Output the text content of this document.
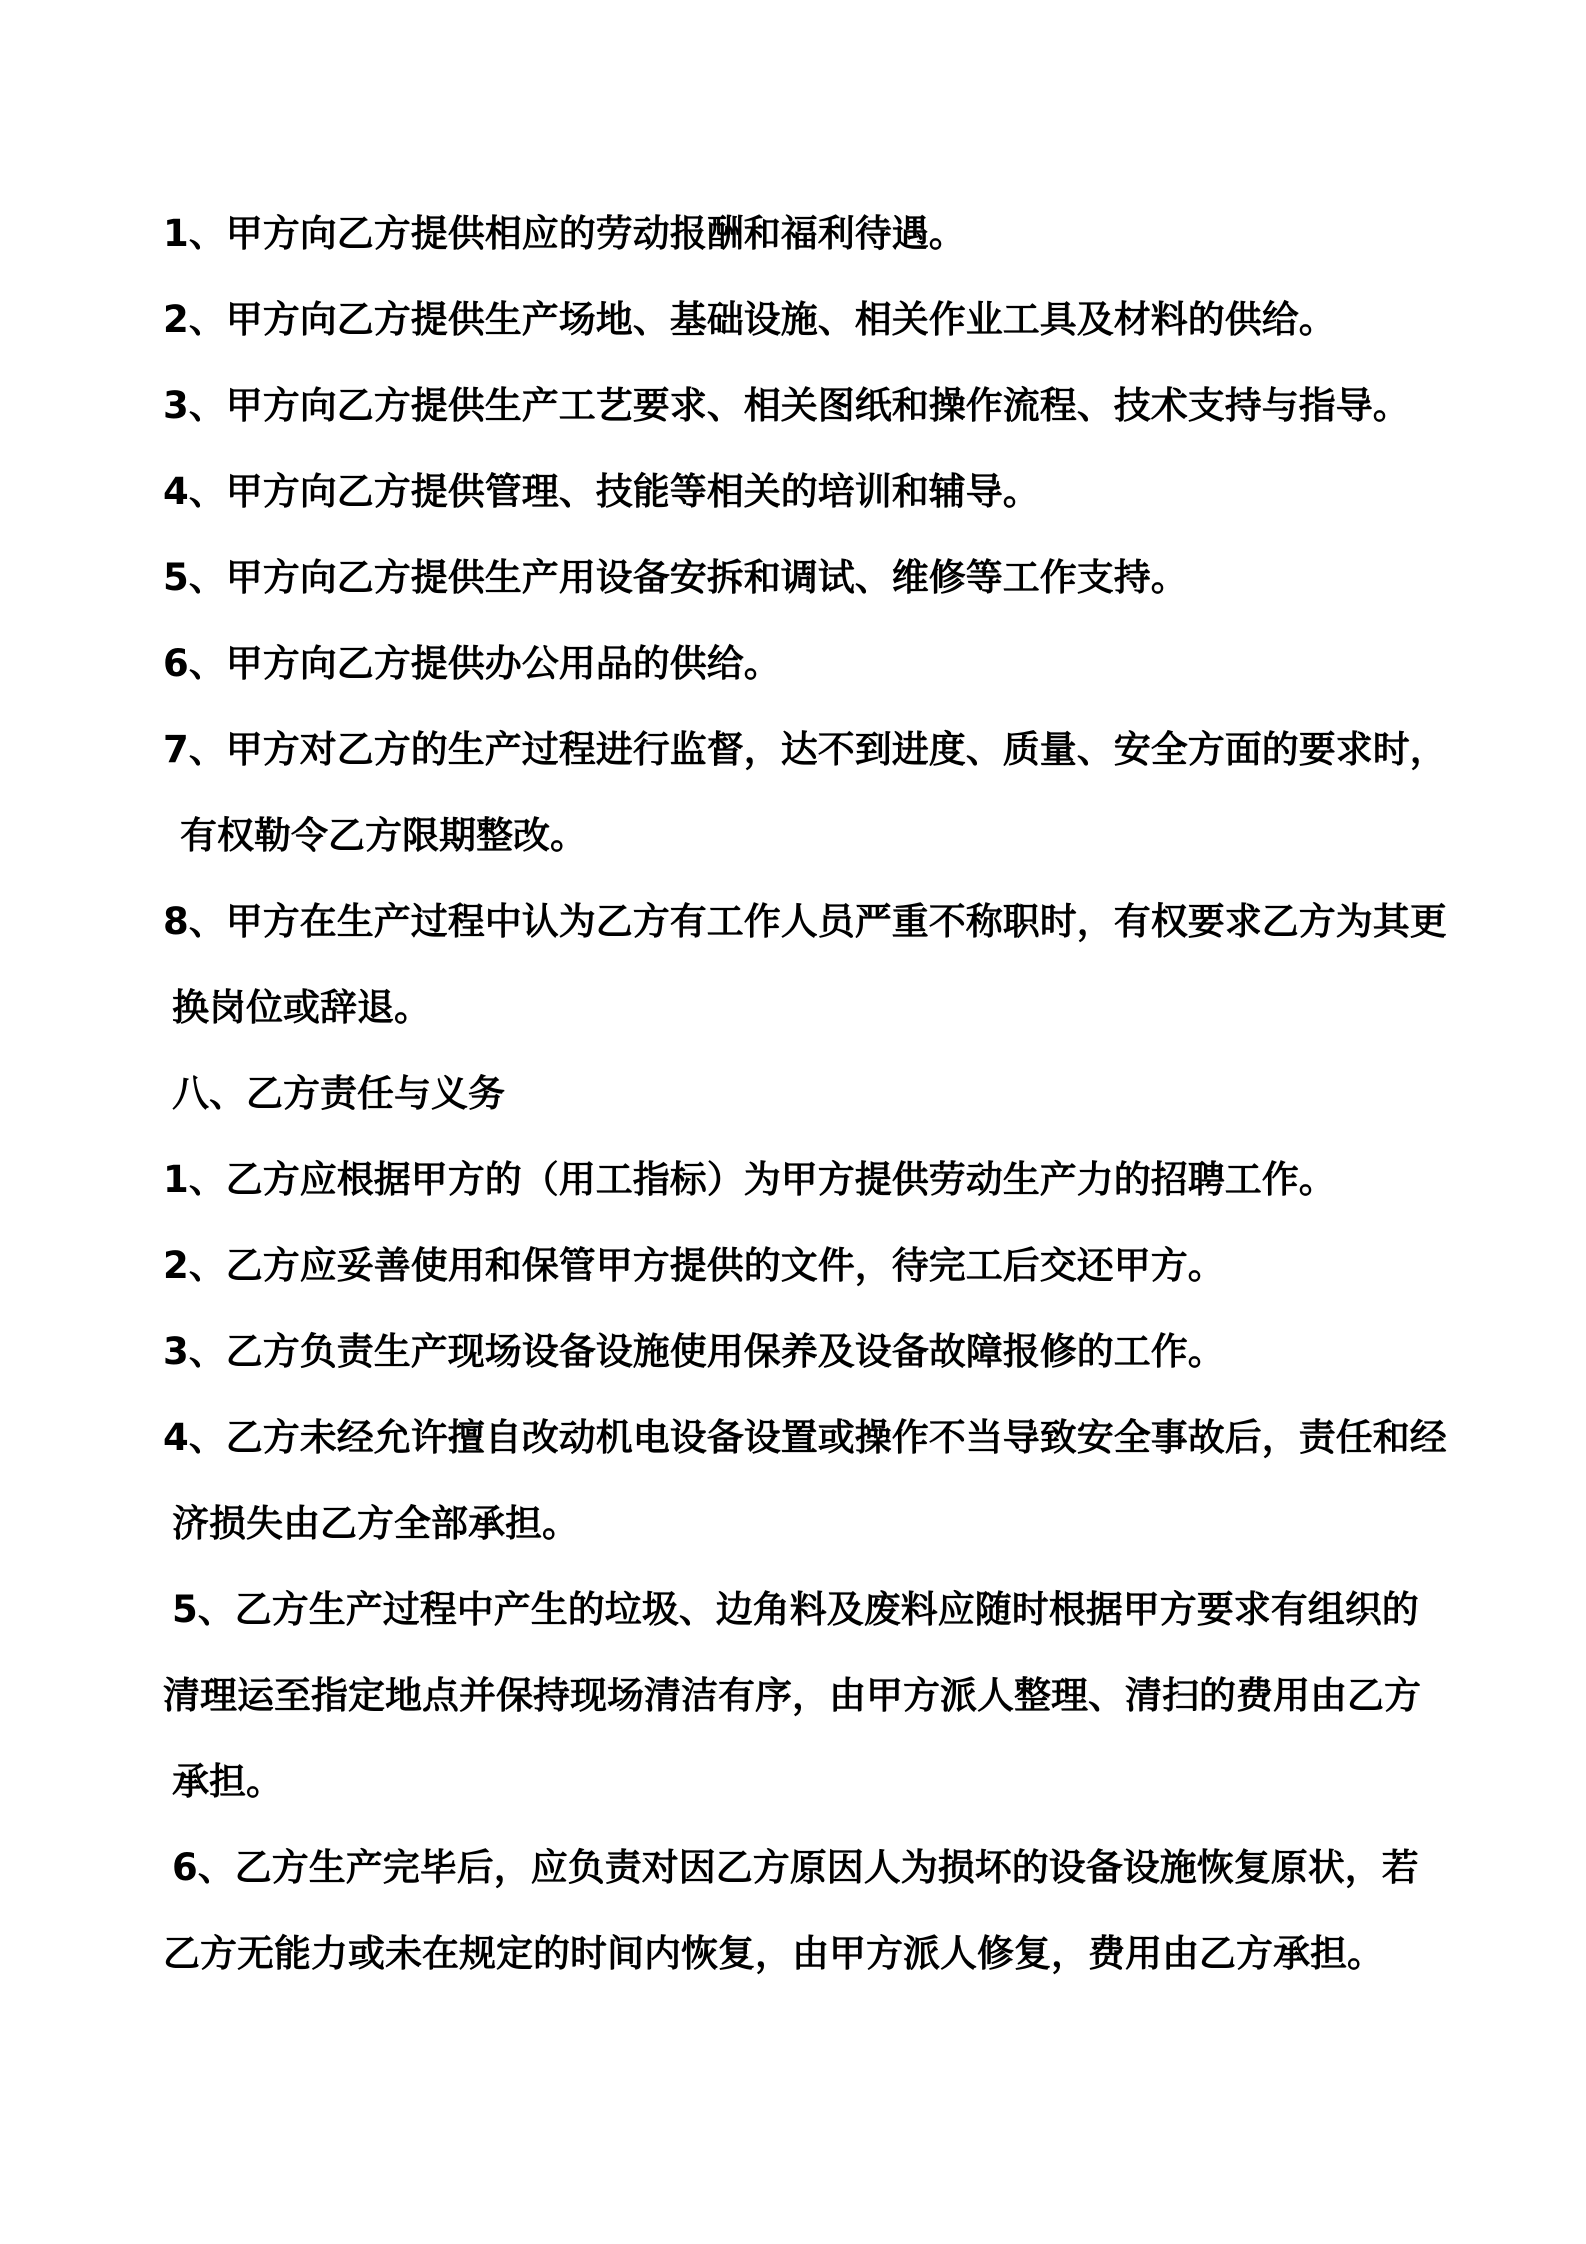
1、甲方向乙方提供相应的劳动报酬和福利待遇。
2、甲方向乙方提供生产场地、基础设施、相关作业工具及材料的供给。
3、甲方向乙方提供生产工艺要求、相关图纸和操作流程、技术支持与指导。
4、甲方向乙方提供管理、技能等相关的培训和辅导。
5、甲方向乙方提供生产用设备安拆和调试、维修等工作支持。
6、甲方向乙方提供办公用品的供给。
7、甲方对乙方的生产过程进行监督，达不到进度、质量、安全方面的要求时，
有权勒令乙方限期整改。
8、甲方在生产过程中认为乙方有工作人员严重不称职时，有权要求乙方为其更
换岗位或辞退。
八、乙方责任与义务
1、乙方应根据甲方的（用工指标）为甲方提供劳动生产力的招聘工作。
2、乙方应妥善使用和保管甲方提供的文件，待完工后交还甲方。
3、乙方负责生产现场设备设施使用保养及设备故障报修的工作。
4、乙方未经允许擅自改动机电设备设置或操作不当导致安全事故后，责任和经
济损失由乙方全部承担。
5、乙方生产过程中产生的垃圾、边角料及废料应随时根据甲方要求有组织的
清理运至指定地点并保持现场清洁有序，由甲方派人整理、清扫的费用由乙方
承担。
6、乙方生产完毕后，应负责对因乙方原因人为损坏的设备设施恢复原状，若
乙方无能力或未在规定的时间内恢复，由甲方派人修复，费用由乙方承担。
